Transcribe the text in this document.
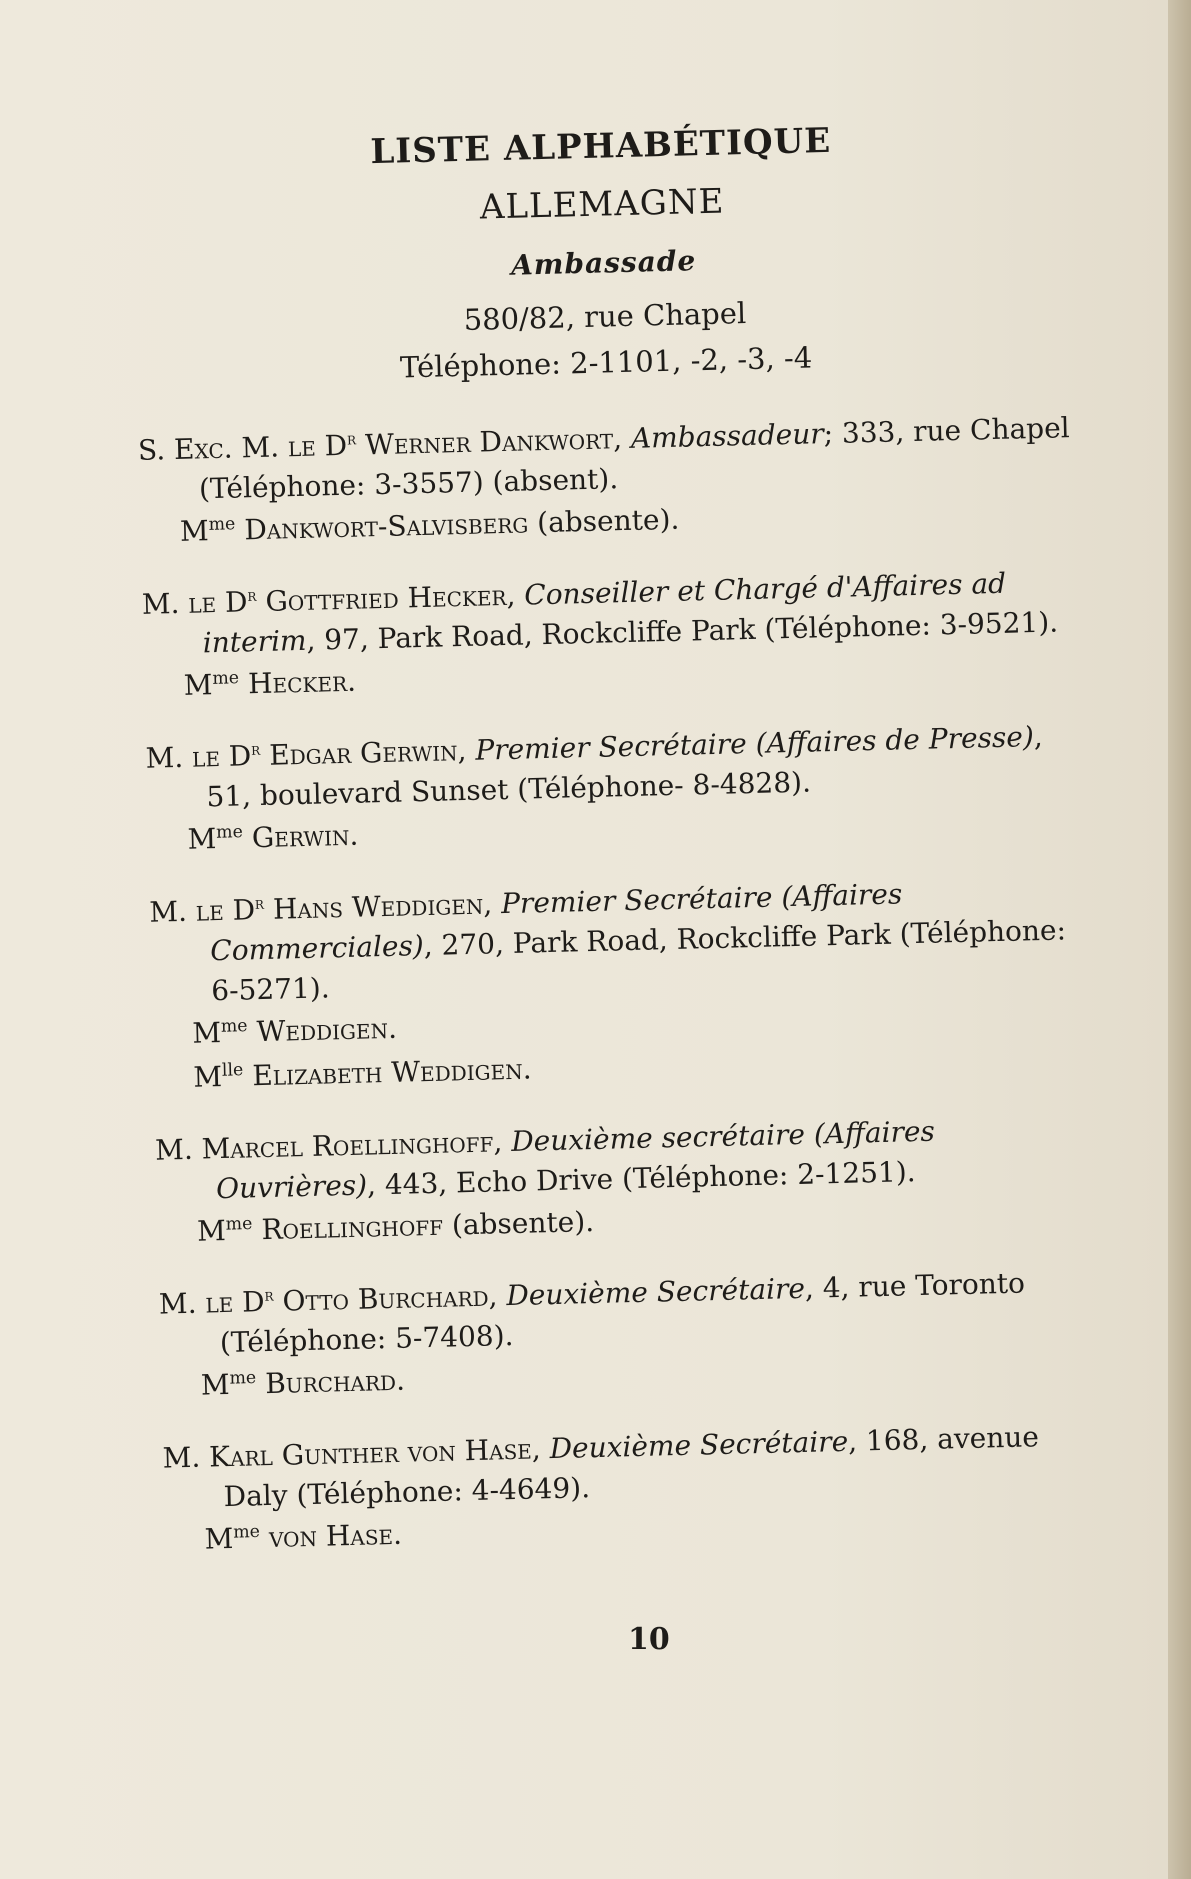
LISTE ALPHABÉTIQUE
ALLEMAGNE
Ambassade
580/82, rue Chapel
Téléphone: 2-1101, -2, -3, -4
S. Exc. M. le $D^r$ Werner Dankwort, Ambassadeur; 333, rue Chapel (Téléphone: 3-3557) (absent).
$M^{me}$ Dankwort-Salvisberg (absente).
M. le $D^r$ Gottfried Hecker, Conseiller et Chargé d'Affaires ad interim, 97, Park Road, Rockcliffe Park (Téléphone: 3-9521).
$M^{me}$ Hecker.
M. le $D^r$ Edgar Gerwin, Premier Secrétaire (Affaires de Presse), 51, boulevard Sunset (Téléphone- 8-4828).
$M^{me}$ Gerwin.
M. le $D^r$ Hans Weddigen, Premier Secrétaire (Affaires Commerciales), 270, Park Road, Rockcliffe Park (Téléphone: 6-5271).
$M^{me}$ Weddigen.
$M^{lle}$ Elizabeth Weddigen.
M. Marcel Roellinghoff, Deuxième secrétaire (Affaires Ouvrières), 443, Echo Drive (Téléphone: 2-1251).
$M^{me}$ Roellinghoff (absente).
M. le $D^r$ Otto Burchard, Deuxième Secrétaire, 4, rue Toronto (Téléphone: 5-7408).
$M^{me}$ Burchard.
M. Karl Gunther von Hase, Deuxième Secrétaire, 168, avenue Daly (Téléphone: 4-4649).
$M^{me}$ von Hase.
10
